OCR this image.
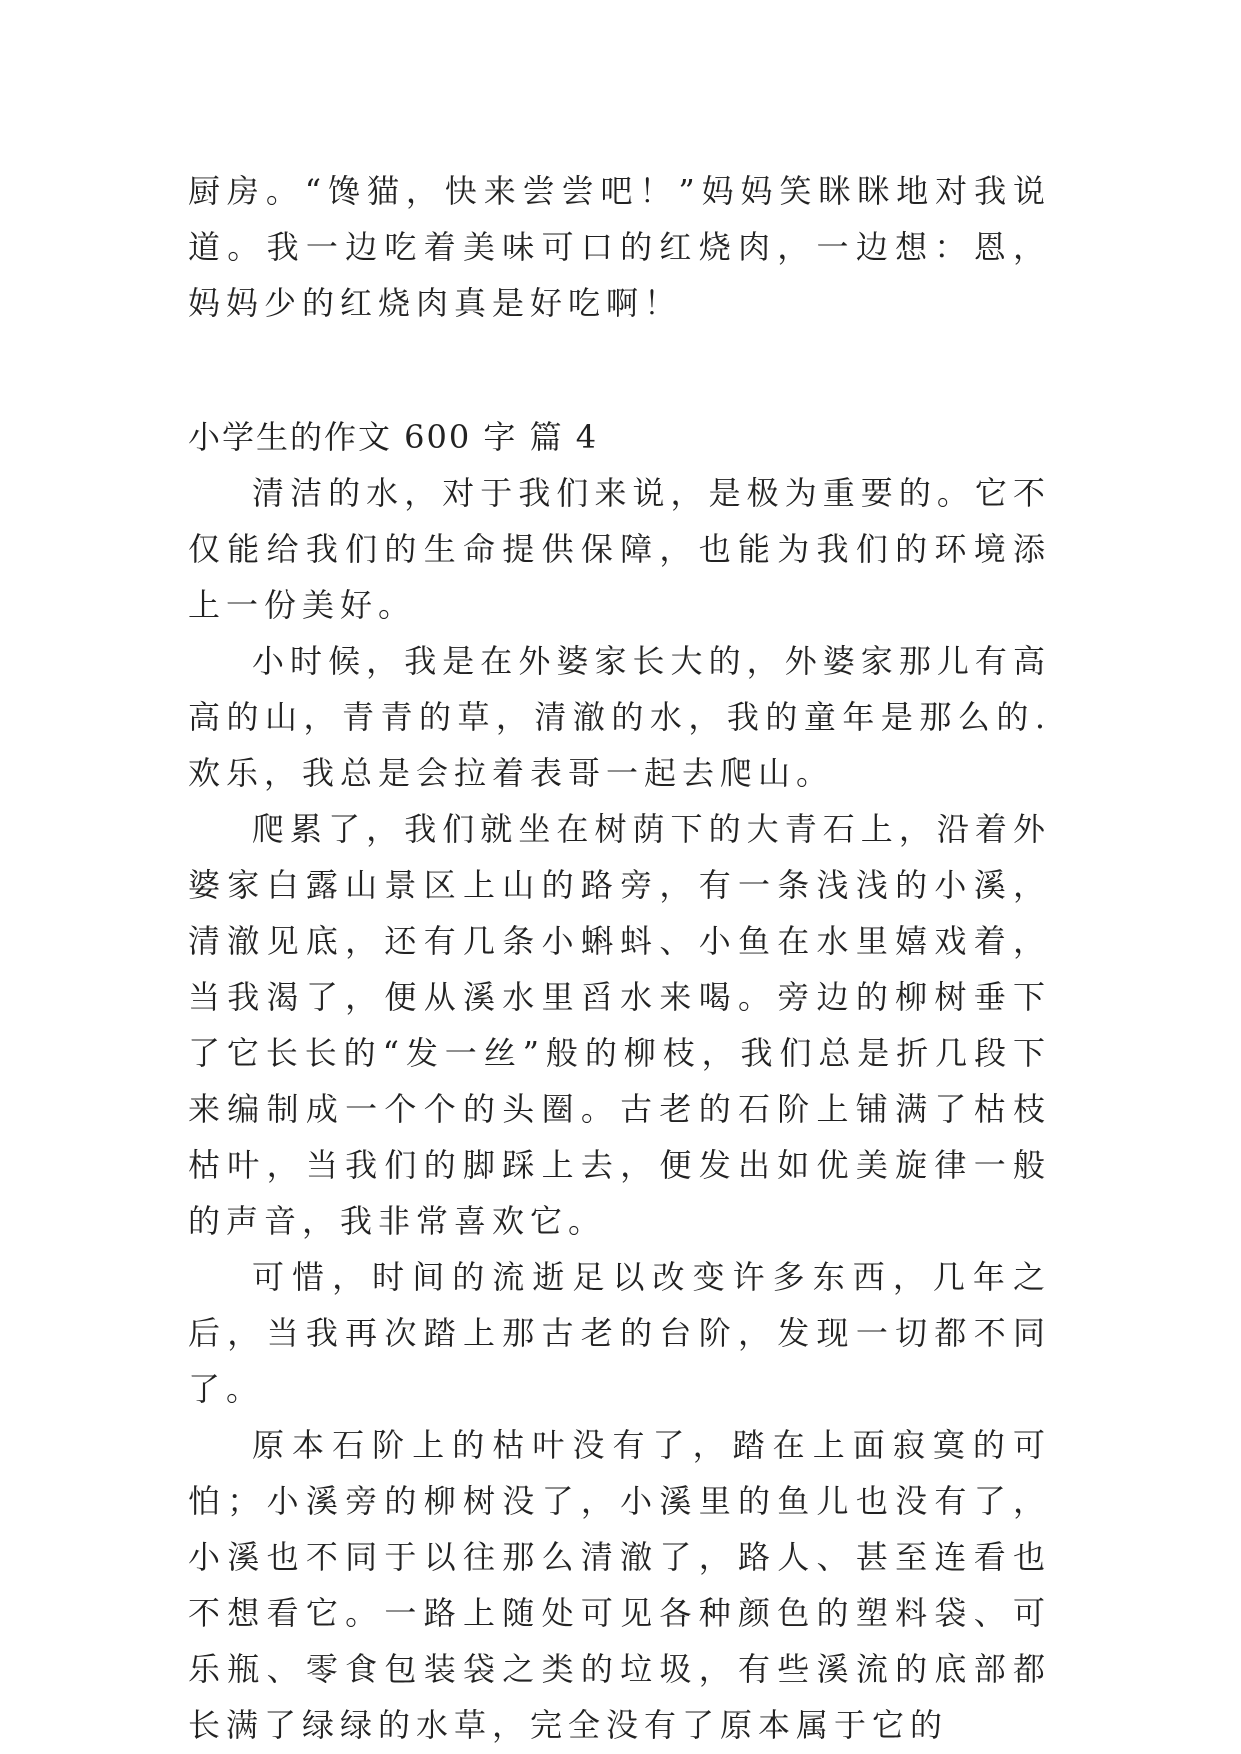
厨房。“馋猫，快来尝尝吧！”妈妈笑眯眯地对我说道。我一边吃着美味可口的红烧肉，一边想：恩，妈妈少的红烧肉真是好吃啊！

小学生的作文 600 字 篇 4

清洁的水，对于我们来说，是极为重要的。它不仅能给我们的生命提供保障，也能为我们的环境添上一份美好。

小时候，我是在外婆家长大的，外婆家那儿有高高的山，青青的草，清澈的水，我的童年是那么的.欢乐，我总是会拉着表哥一起去爬山。

爬累了，我们就坐在树荫下的大青石上，沿着外婆家白露山景区上山的路旁，有一条浅浅的小溪，清澈见底，还有几条小蝌蚪、小鱼在水里嬉戏着，当我渴了，便从溪水里舀水来喝。旁边的柳树垂下了它长长的“发一丝”般的柳枝，我们总是折几段下来编制成一个个的头圈。古老的石阶上铺满了枯枝枯叶，当我们的脚踩上去，便发出如优美旋律一般的声音，我非常喜欢它。

可惜，时间的流逝足以改变许多东西，几年之后，当我再次踏上那古老的台阶，发现一切都不同了。

原本石阶上的枯叶没有了，踏在上面寂寞的可怕；小溪旁的柳树没了，小溪里的鱼儿也没有了，小溪也不同于以往那么清澈了，路人、甚至连看也不想看它。一路上随处可见各种颜色的塑料袋、可乐瓶、零食包装袋之类的垃圾，有些溪流的底部都长满了绿绿的水草，完全没有了原本属于它的
